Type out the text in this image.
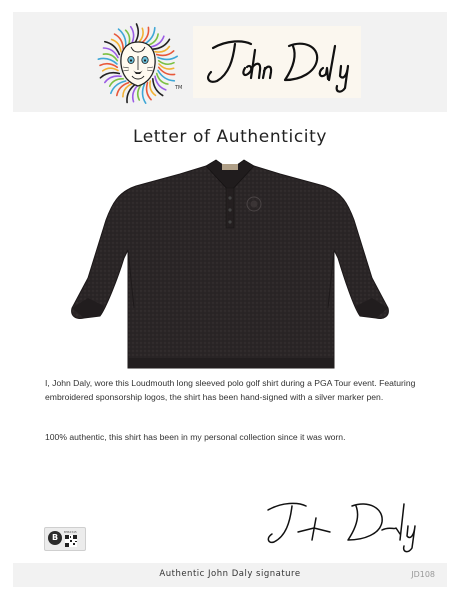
TM
Letter of Authenticity
I, John Daly, wore this Loudmouth long sleeved polo golf shirt during a PGA Tour event. Featuring embroidered sponsorship logos, the shirt has been hand-signed with a silver marker pen.
100% authentic, this shirt has been in my personal collection since it was worn.
B
BH62345
Authentic John Daly signature	JD108
